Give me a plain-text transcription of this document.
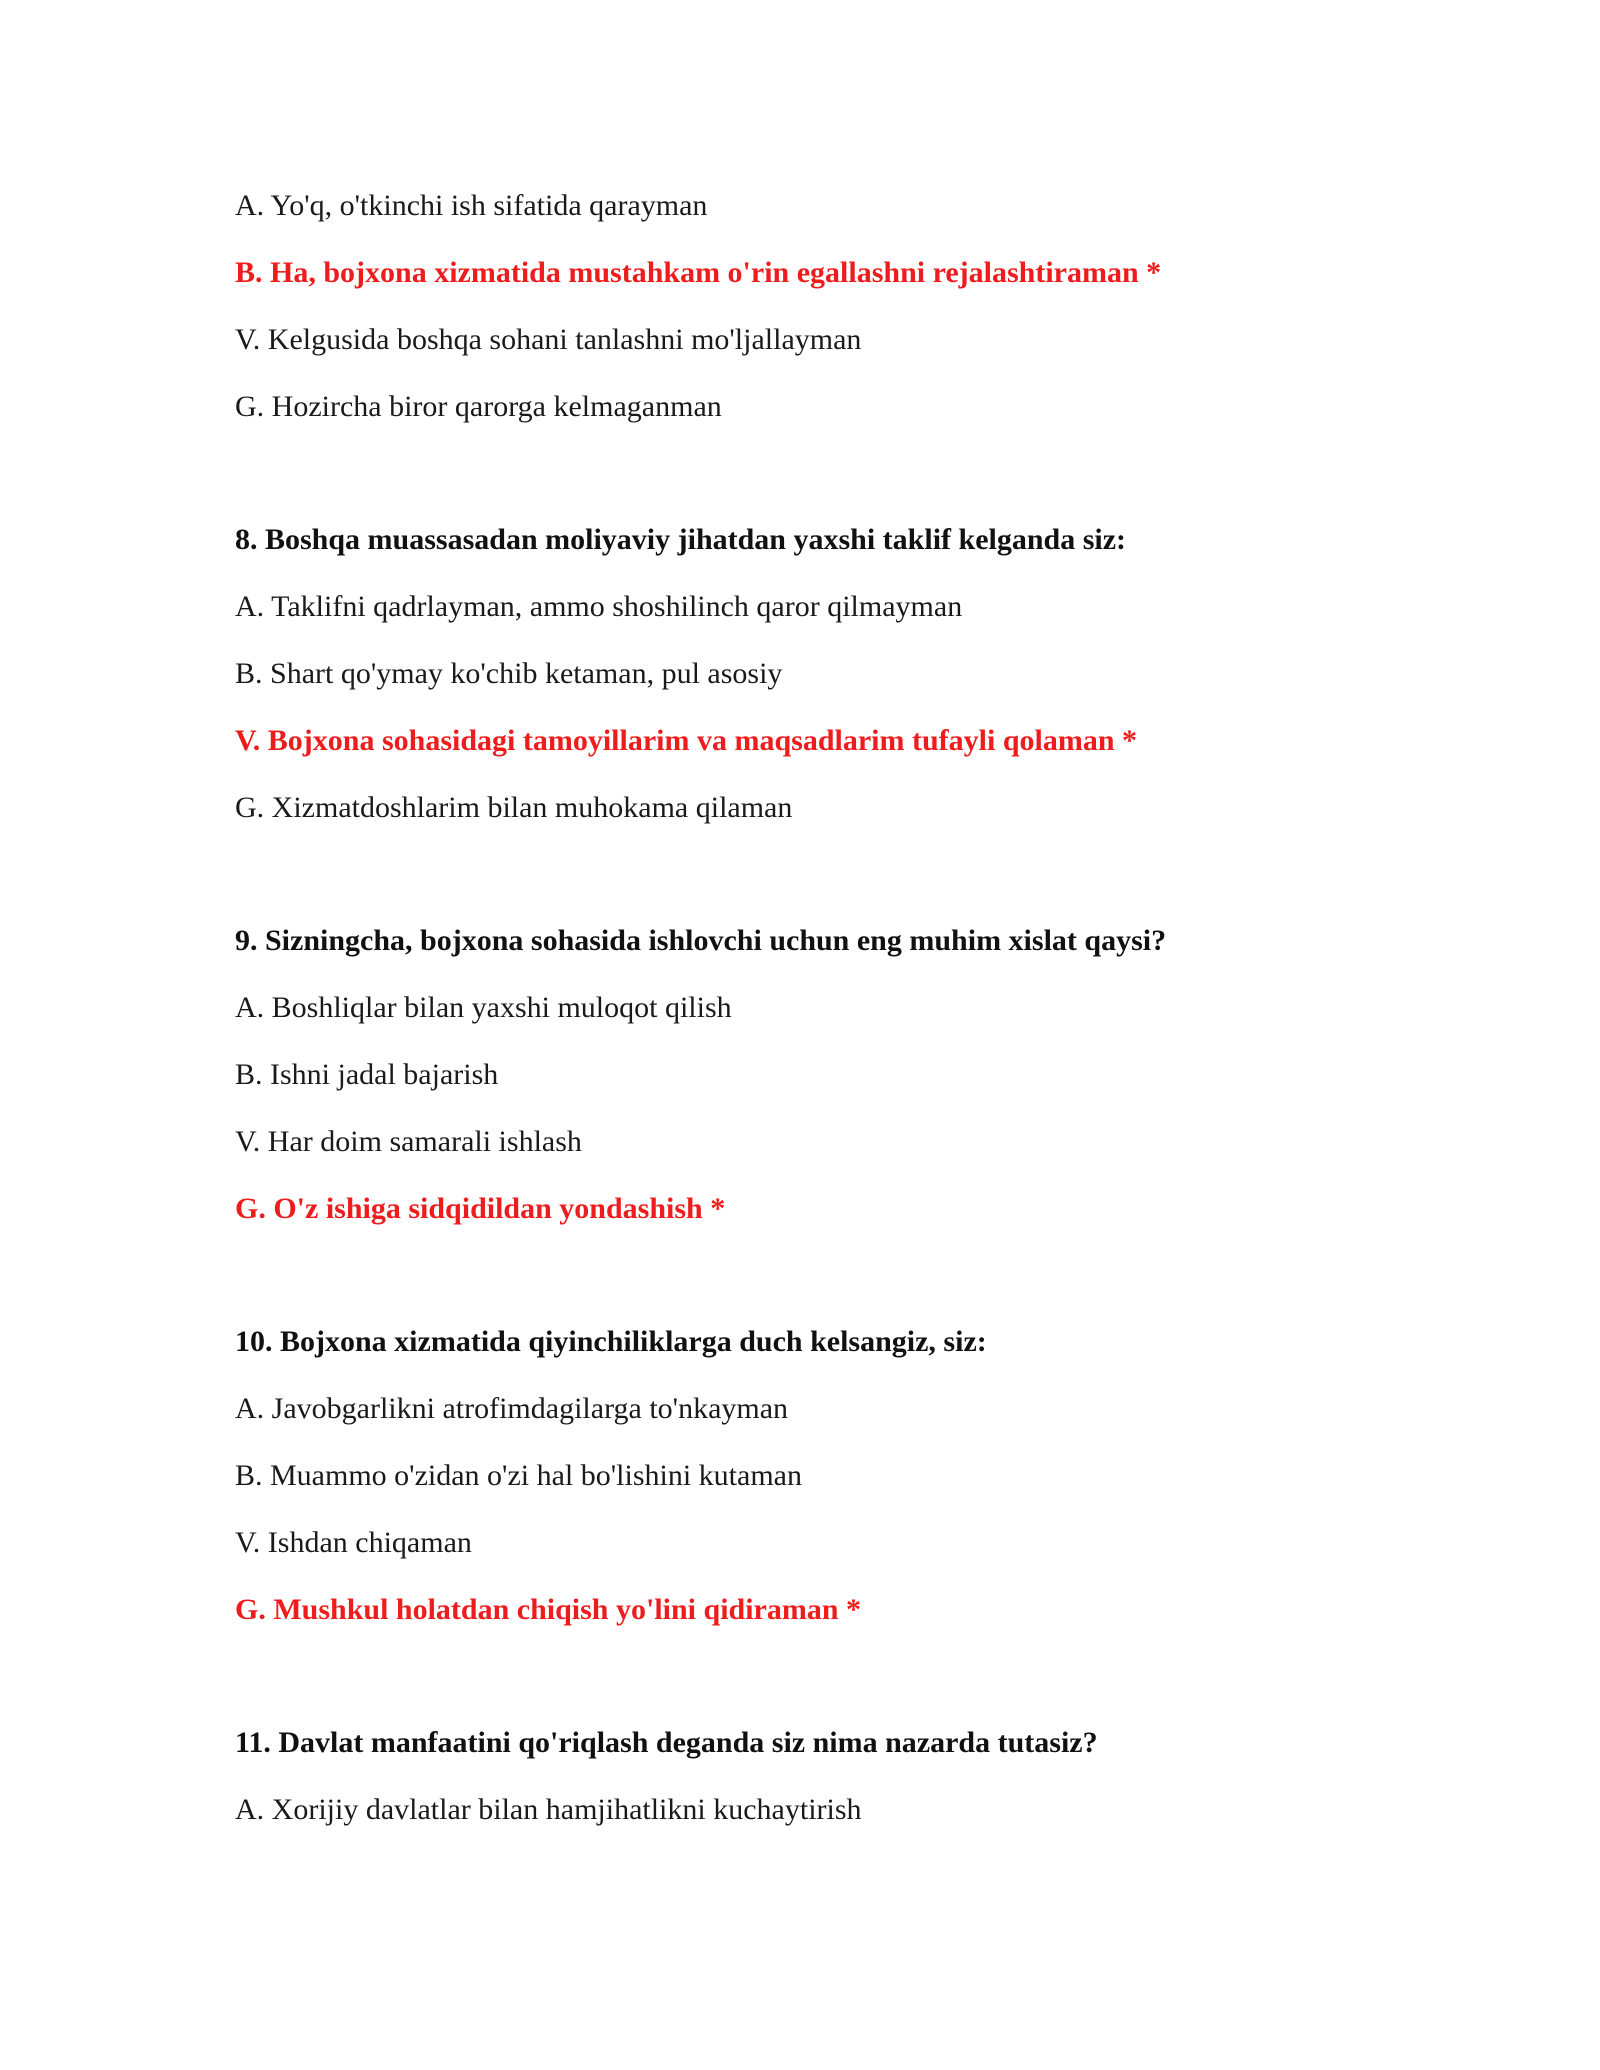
A. Yo'q, o'tkinchi ish sifatida qarayman
B. Ha, bojxona xizmatida mustahkam o'rin egallashni rejalashtiraman *
V. Kelgusida boshqa sohani tanlashni mo'ljallayman
G. Hozircha biror qarorga kelmaganman
8. Boshqa muassasadan moliyaviy jihatdan yaxshi taklif kelganda siz:
A. Taklifni qadrlayman, ammo shoshilinch qaror qilmayman
B. Shart qo'ymay ko'chib ketaman, pul asosiy
V. Bojxona sohasidagi tamoyillarim va maqsadlarim tufayli qolaman *
G. Xizmatdoshlarim bilan muhokama qilaman
9. Sizningcha, bojxona sohasida ishlovchi uchun eng muhim xislat qaysi?
A. Boshliqlar bilan yaxshi muloqot qilish
B. Ishni jadal bajarish
V. Har doim samarali ishlash
G. O'z ishiga sidqidildan yondashish *
10. Bojxona xizmatida qiyinchiliklarga duch kelsangiz, siz:
A. Javobgarlikni atrofimdagilarga to'nkayman
B. Muammo o'zidan o'zi hal bo'lishini kutaman
V. Ishdan chiqaman
G. Mushkul holatdan chiqish yo'lini qidiraman *
11. Davlat manfaatini qo'riqlash deganda siz nima nazarda tutasiz?
A. Xorijiy davlatlar bilan hamjihatlikni kuchaytirish
